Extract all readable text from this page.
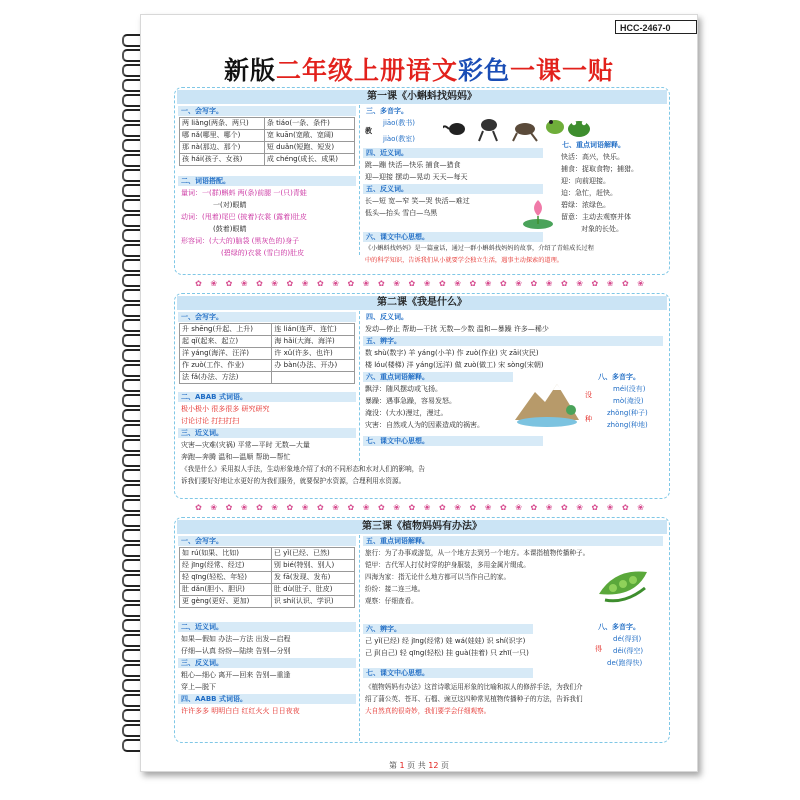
HCC-2467-0
新版二年级上册语文彩色一课一贴
第一课《小蝌蚪找妈妈》
一、会写字。
两 liǎng(两条、两只)	条 tiáo(一条、条件)
哪 nǎ(哪里、哪个)	宽 kuān(宽敞、宽阔)
那 nà(那边、那个)	短 duǎn(短跑、短发)
孩 hái(孩子、女孩)	成 chéng(成长、成果)
二、词语搭配。
量词：一(群)蝌蚪 两(条)前腿 一(只)青蛙
一(对)眼睛
动词：(甩着)尾巴 (披着)衣裳 (露着)肚皮
(鼓着)眼睛
形容词：(大大的)脑袋 (黑灰色的)身子
(碧绿的)衣裳 (雪白的)肚皮
三、多音字。
jiāo(教书)
教
jiào(教室)
四、近义词。
跳—蹦 快活—快乐 捕食—猎食
迎—迎接 摆动—晃动 天天—每天
五、反义词。
长—短 宽—窄 笑—哭 快活—难过
低头—抬头 雪白—乌黑
七、重点词语解释。
快活：高兴，快乐。
捕食：捉取食物；捕猎。
迎：向前迎接。
迫：急忙，赶快。
碧绿：浓绿色。
留意：主动去观察并体
对象的长处。
六、课文中心思想。
《小蝌蚪找妈妈》是一篇童话，通过一群小蝌蚪找妈妈的故事，介绍了青蛙成长过程
中的科学知识，告诉我们从小就要学会独立生活，遇事主动探索的道理。
✿ ❀ ✿ ❀ ✿ ❀ ✿ ❀ ✿ ❀ ✿ ❀ ✿ ❀ ✿ ❀ ✿ ❀ ✿ ❀ ✿ ❀ ✿ ❀ ✿ ❀ ✿ ❀ ✿ ❀
第二课《我是什么》
一、会写字。
升 shēng(升起、上升)	连 lián(连声、连忙)
起 qǐ(起来、起立)	海 hǎi(大海、海洋)
洋 yáng(海洋、汪洋)	许 xǔ(许多、也许)
作 zuò(工作、作业)	办 bàn(办法、开办)
法 fǎ(办法、方法)	
二、ABAB 式词语。
极小极小 很多很多 研究研究
讨论讨论 打扫打扫
三、近义词。
灾害—灾难(灾祸) 平常—平时 无数—大量
奔跑—奔腾 温和—温顺 帮助—帮忙
四、反义词。
发动—停止 帮助—干扰 无数—少数 温和—暴躁 许多—稀少
五、辨字。
数 shù(数字) 羊 yáng(小羊) 作 zuò(作业) 灾 zāi(灾民)
楼 lóu(楼梯) 洋 yáng(远洋) 做 zuò(做工) 宋 sòng(宋朝)
六、重点词语解释。
飘浮：随风摆动或飞扬。
暴躁：遇事急躁，容易发怒。
淹没：(大水)漫过，漫过。
灾害：自然或人为的因素造成的祸害。
八、多音字。
méi(没有)
没
mò(淹没)
zhǒng(种子)
种
zhòng(种地)
七、课文中心思想。
《我是什么》采用拟人手法，生动形象地介绍了水的不同形态和水对人们的影响，告
诉我们要好好地让水更好的为我们服务，就要保护水资源，合理利用水资源。
✿ ❀ ✿ ❀ ✿ ❀ ✿ ❀ ✿ ❀ ✿ ❀ ✿ ❀ ✿ ❀ ✿ ❀ ✿ ❀ ✿ ❀ ✿ ❀ ✿ ❀ ✿ ❀ ✿ ❀
第三课《植物妈妈有办法》
一、会写字。
如 rú(如果、比如)	已 yǐ(已经、已然)
经 jīng(经常、经过)	别 bié(特别、别人)
轻 qīng(轻松、年轻)	发 fā(发现、发布)
肚 dǎn(胆小、胆识)	肚 dù(肚子、肚皮)
更 gèng(更好、更加)	识 shí(认识、学识)
二、近义词。
如果—假如 办法—方法 出发—启程
仔细—认真 纷纷—陆续 告别—分别
三、反义词。
粗心—细心 离开—回来 告别—重逢
穿上—脱下
四、AABB 式词语。
许许多多 明明白白 红红火火 日日夜夜
五、重点词语解释。
旅行：为了办事或游览，从一个地方去到另一个地方。本课指植物传播种子。
铠甲：古代军人打仗时穿的护身服装，多用金属片缀成。
四海为家：指无论什么地方都可以当作自己的家。
纷纷：接二连三地。
观察：仔细查看。
六、辨字。
己 yǐ(已经) 经 jīng(经常) 娃 wá(娃娃) 识 shí(识字)
己 jǐ(自己) 轻 qīng(轻松) 挂 guà(挂着) 只 zhī(一只)
八、多音字。
dé(得到)
得 děi(得空)
de(跑得快)
七、课文中心思想。
《植物妈妈有办法》这首诗歌运用形象的比喻和拟人的修辞手法，为我们介
绍了蒲公英、苍耳、石榴、豌豆这四种常见植物传播种子的方法，告诉我们
大自然真的很奇妙，我们要学会仔细观察。
第 1 页 共 12 页
